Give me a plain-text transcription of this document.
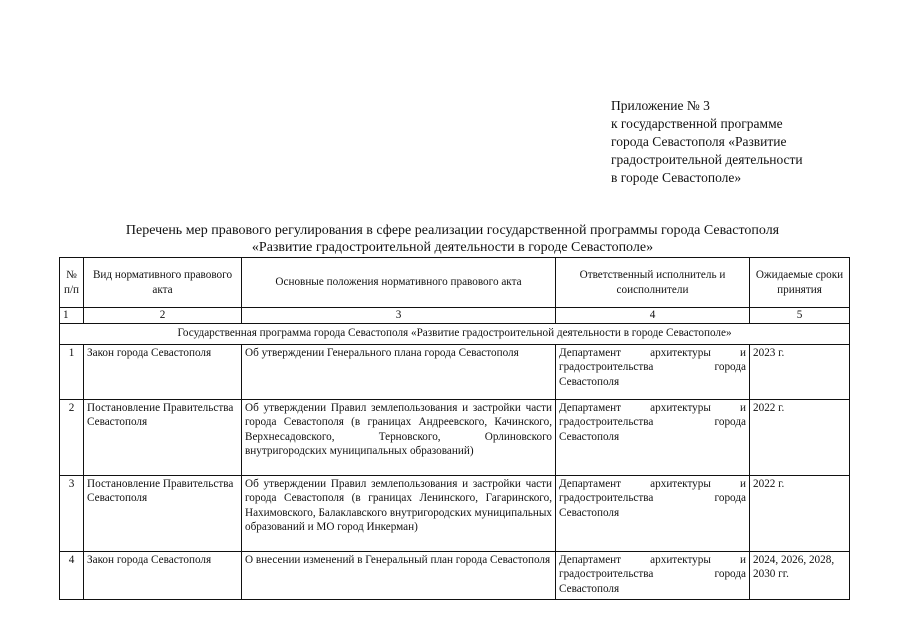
Приложение № 3
к государственной программе
города Севастополя «Развитие
градостроительной деятельности
в городе Севастополе»
Перечень мер правового регулирования в сфере реализации государственной программы города Севастополя
«Развитие градостроительной деятельности в городе Севастополе»
№ п/п	Вид нормативного правового акта	Основные положения нормативного правового акта	Ответственный исполнитель и соисполнители	Ожидаемые сроки принятия
1	2	3	4	5
Государственная программа города Севастополя «Развитие градостроительной деятельности в городе Севастополе»				
1	Закон города Севастополя	Об утверждении Генерального плана города Севастополя	Департамент архитектуры и градостроительства города Севастополя	2023 г.
2	Постановление Правительства Севастополя	Об утверждении Правил землепользования и застройки части города Севастополя (в границах Андреевского, Качинского, Верхнесадовского, Терновского, Орлиновского внутригородских муниципальных образований)	Департамент архитектуры и градостроительства города Севастополя	2022 г.
3	Постановление Правительства Севастополя	Об утверждении Правил землепользования и застройки части города Севастополя (в границах Ленинского, Гагаринского, Нахимовского, Балаклавского внутригородских муниципальных образований и МО город Инкерман)	Департамент архитектуры и градостроительства города Севастополя	2022 г.
4	Закон города Севастополя	О внесении изменений в Генеральный план города Севастополя	Департамент архитектуры и градостроительства города Севастополя	2024, 2026, 2028, 2030 гг.
